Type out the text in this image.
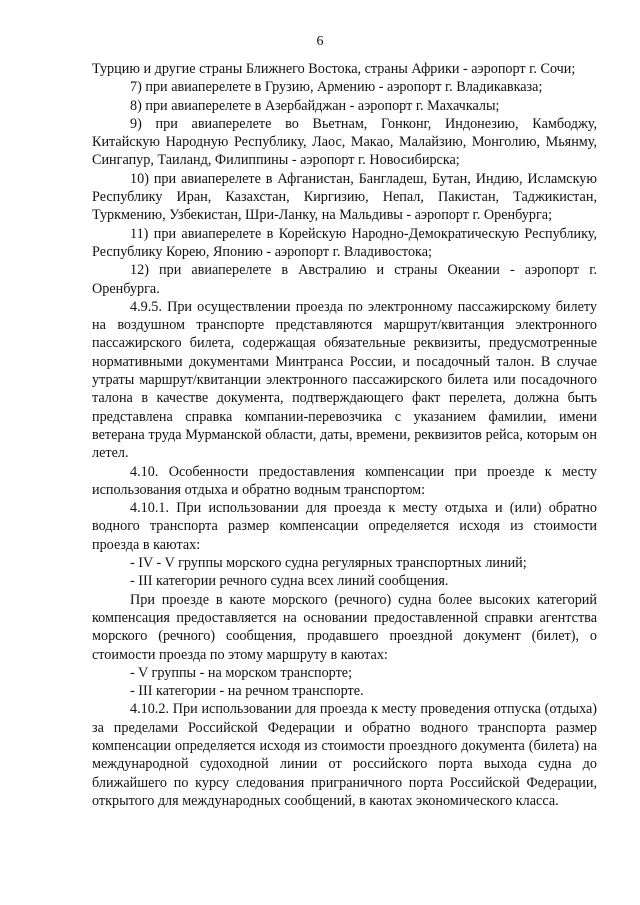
6

Турцию и другие страны Ближнего Востока, страны Африки - аэропорт г. Сочи;

7) при авиаперелете в Грузию, Армению - аэропорт г. Владикавказа;

8) при авиаперелете в Азербайджан - аэропорт г. Махачкалы;

9) при авиаперелете во Вьетнам, Гонконг, Индонезию, Камбоджу, Китайскую Народную Республику, Лаос, Макао, Малайзию, Монголию, Мьянму, Сингапур, Таиланд, Филиппины - аэропорт г. Новосибирска;

10) при авиаперелете в Афганистан, Бангладеш, Бутан, Индию, Исламскую Республику Иран, Казахстан, Киргизию, Непал, Пакистан, Таджикистан, Туркмению, Узбекистан, Шри-Ланку, на Мальдивы - аэропорт г. Оренбурга;

11) при авиаперелете в Корейскую Народно-Демократическую Республику, Республику Корею, Японию - аэропорт г. Владивостока;

12) при авиаперелете в Австралию и страны Океании - аэропорт г. Оренбурга.

4.9.5. При осуществлении проезда по электронному пассажирскому билету на воздушном транспорте представляются маршрут/квитанция электронного пассажирского билета, содержащая обязательные реквизиты, предусмотренные нормативными документами Минтранса России, и посадочный талон. В случае утраты маршрут/квитанции электронного пассажирского билета или посадочного талона в качестве документа, подтверждающего факт перелета, должна быть представлена справка компании-перевозчика с указанием фамилии, имени ветерана труда Мурманской области, даты, времени, реквизитов рейса, которым он летел.

4.10. Особенности предоставления компенсации при проезде к месту использования отдыха и обратно водным транспортом:

4.10.1. При использовании для проезда к месту отдыха и (или) обратно водного транспорта размер компенсации определяется исходя из стоимости проезда в каютах:

- IV - V группы морского судна регулярных транспортных линий;

- III категории речного судна всех линий сообщения.

При проезде в каюте морского (речного) судна более высоких категорий компенсация предоставляется на основании предоставленной справки агентства морского (речного) сообщения, продавшего проездной документ (билет), о стоимости проезда по этому маршруту в каютах:

- V группы - на морском транспорте;

- III категории - на речном транспорте.

4.10.2. При использовании для проезда к месту проведения отпуска (отдыха) за пределами Российской Федерации и обратно водного транспорта размер компенсации определяется исходя из стоимости проездного документа (билета) на международной судоходной линии от российского порта выхода судна до ближайшего по курсу следования приграничного порта Российской Федерации, открытого для международных сообщений, в каютах экономического класса.
